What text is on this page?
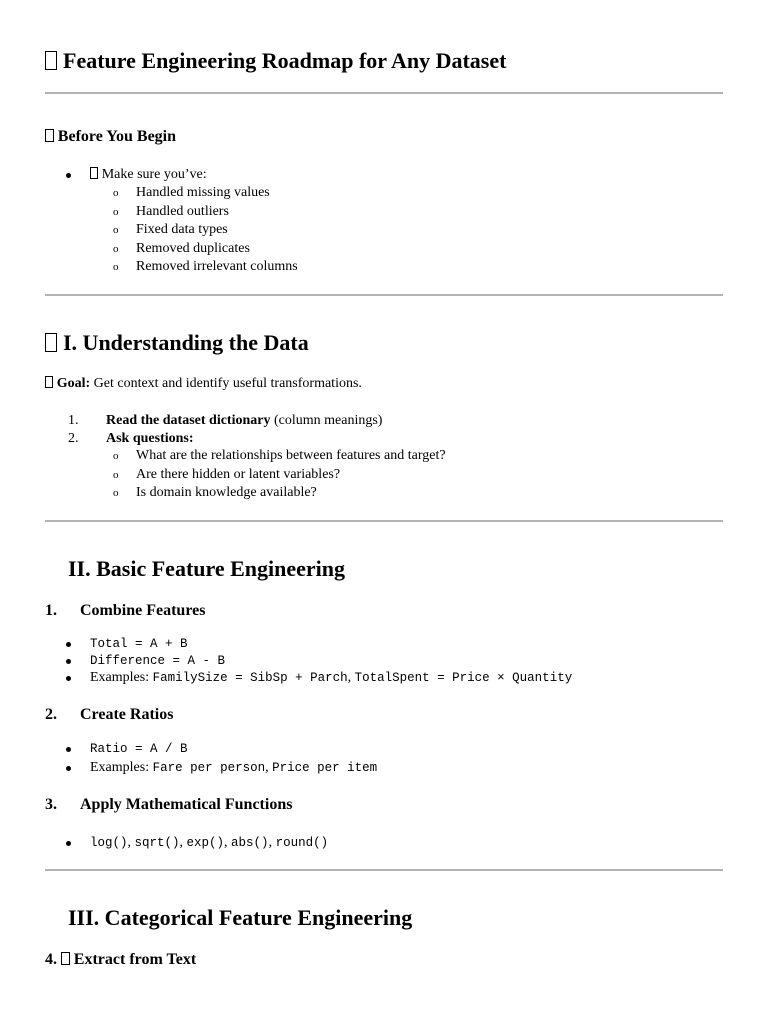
Feature Engineering Roadmap for Any Dataset
Before You Begin
Make sure you’ve:
o Handled missing values
o Handled outliers
o Fixed data types
o Removed duplicates
o Removed irrelevant columns
I. Understanding the Data
Goal: Get context and identify useful transformations.
1. Read the dataset dictionary (column meanings)
2. Ask questions:
o What are the relationships between features and target?
o Are there hidden or latent variables?
o Is domain knowledge available?
II. Basic Feature Engineering
1. Combine Features
Total = A + B
Difference = A - B
Examples: FamilySize = SibSp + Parch, TotalSpent = Price × Quantity
2. Create Ratios
Ratio = A / B
Examples: Fare per person, Price per item
3. Apply Mathematical Functions
log(), sqrt(), exp(), abs(), round()
III. Categorical Feature Engineering
4. Extract from Text
